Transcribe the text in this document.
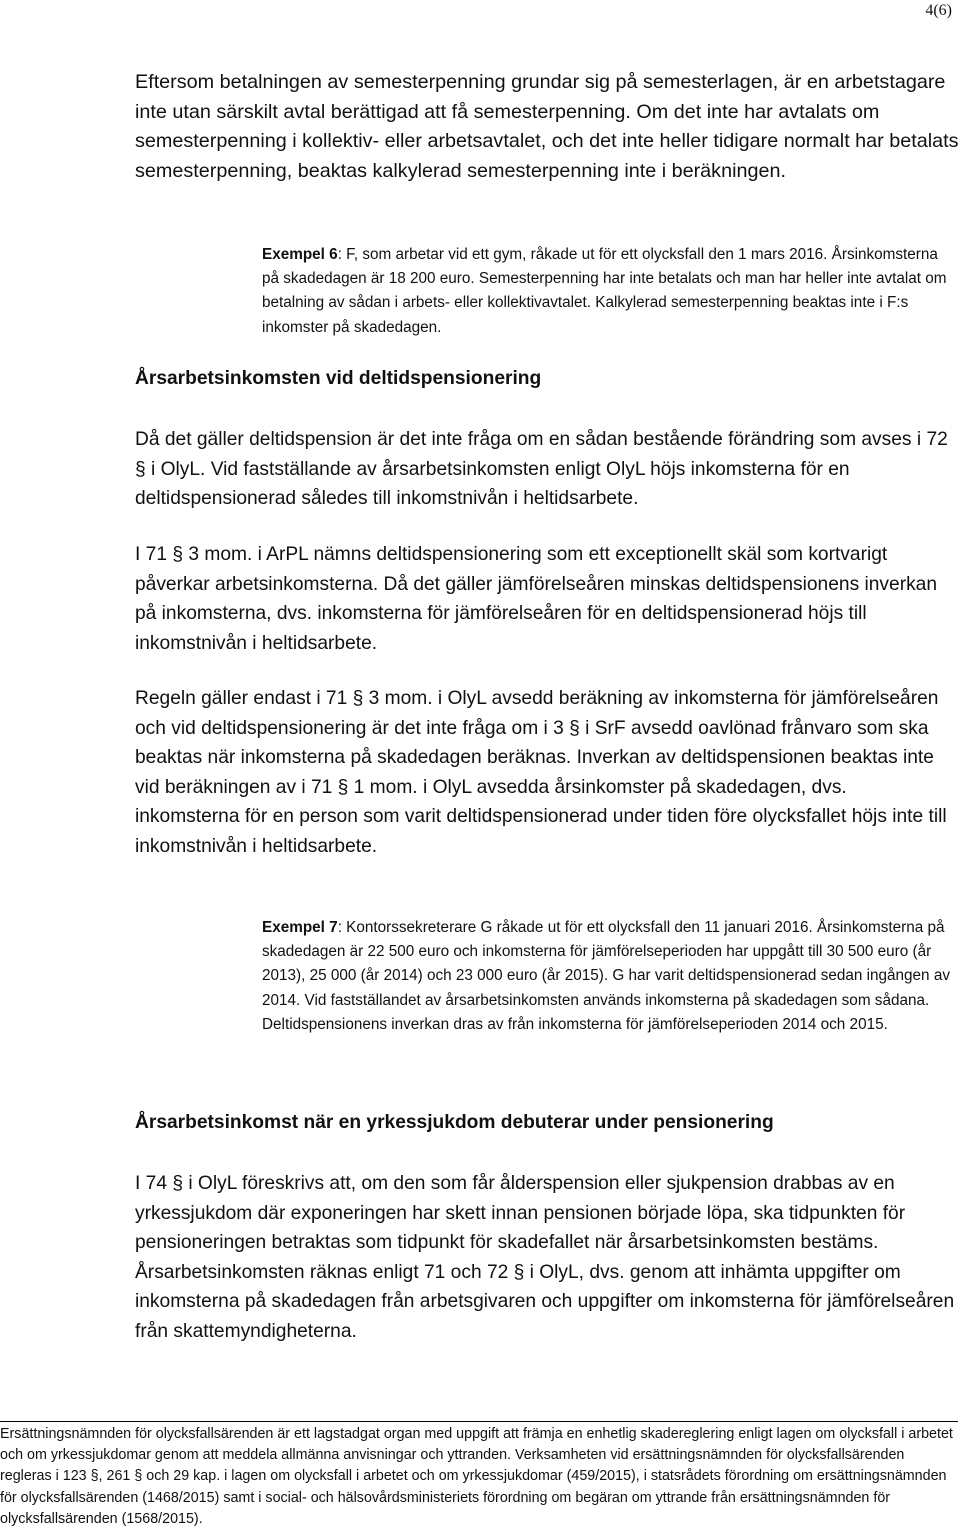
4(6)

Eftersom betalningen av semesterpenning grundar sig på semesterlagen, är en arbetstagare inte utan särskilt avtal berättigad att få semesterpenning. Om det inte har avtalats om semesterpenning i kollektiv- eller arbetsavtalet, och det inte heller tidigare normalt har betalats semesterpenning, beaktas kalkylerad semesterpenning inte i beräkningen.

Exempel 6: F, som arbetar vid ett gym, råkade ut för ett olycksfall den 1 mars 2016. Årsinkomsterna på skadedagen är 18 200 euro. Semesterpenning har inte betalats och man har heller inte avtalat om betalning av sådan i arbets- eller kollektivavtalet. Kalkylerad semesterpenning beaktas inte i F:s inkomster på skadedagen.

Årsarbetsinkomsten vid deltidspensionering

Då det gäller deltidspension är det inte fråga om en sådan bestående förändring som avses i 72 § i OlyL. Vid fastställande av årsarbetsinkomsten enligt OlyL höjs inkomsterna för en deltidspensionerad således till inkomstnivån i heltidsarbete.

I 71 § 3 mom. i ArPL nämns deltidspensionering som ett exceptionellt skäl som kortvarigt påverkar arbetsinkomsterna. Då det gäller jämförelseåren minskas deltidspensionens inverkan på inkomsterna, dvs. inkomsterna för jämförelseåren för en deltidspensionerad höjs till inkomstnivån i heltidsarbete.

Regeln gäller endast i 71 § 3 mom. i OlyL avsedd beräkning av inkomsterna för jämförelseåren och vid deltidspensionering är det inte fråga om i 3 § i SrF avsedd oavlönad frånvaro som ska beaktas när inkomsterna på skadedagen beräknas. Inverkan av deltidspensionen beaktas inte vid beräkningen av i 71 § 1 mom. i OlyL avsedda årsinkomster på skadedagen, dvs. inkomsterna för en person som varit deltidspensionerad under tiden före olycksfallet höjs inte till inkomstnivån i heltidsarbete.

Exempel 7: Kontorssekreterare G råkade ut för ett olycksfall den 11 januari 2016. Årsinkomsterna på skadedagen är 22 500 euro och inkomsterna för jämförelseperioden har uppgått till 30 500 euro (år 2013), 25 000 (år 2014) och 23 000 euro (år 2015). G har varit deltidspensionerad sedan ingången av 2014. Vid fastställandet av årsarbetsinkomsten används inkomsterna på skadedagen som sådana. Deltidspensionens inverkan dras av från inkomsterna för jämförelseperioden 2014 och 2015.

Årsarbetsinkomst när en yrkessjukdom debuterar under pensionering

I 74 § i OlyL föreskrivs att, om den som får ålderspension eller sjukpension drabbas av en yrkessjukdom där exponeringen har skett innan pensionen började löpa, ska tidpunkten för pensioneringen betraktas som tidpunkt för skadefallet när årsarbetsinkomsten bestäms. Årsarbetsinkomsten räknas enligt 71 och 72 § i OlyL, dvs. genom att inhämta uppgifter om inkomsterna på skadedagen från arbetsgivaren och uppgifter om inkomsterna för jämförelseåren från skattemyndigheterna.

Ersättningsnämnden för olycksfallsärenden är ett lagstadgat organ med uppgift att främja en enhetlig skadereglering enligt lagen om olycksfall i arbetet och om yrkessjukdomar genom att meddela allmänna anvisningar och yttranden. Verksamheten vid ersättningsnämnden för olycksfallsärenden regleras i 123 §, 261 § och 29 kap. i lagen om olycksfall i arbetet och om yrkessjukdomar (459/2015), i statsrådets förordning om ersättningsnämnden för olycksfallsärenden (1468/2015) samt i social- och hälsovårdsministeriets förordning om begäran om yttrande från ersättningsnämnden för olycksfallsärenden (1568/2015).
